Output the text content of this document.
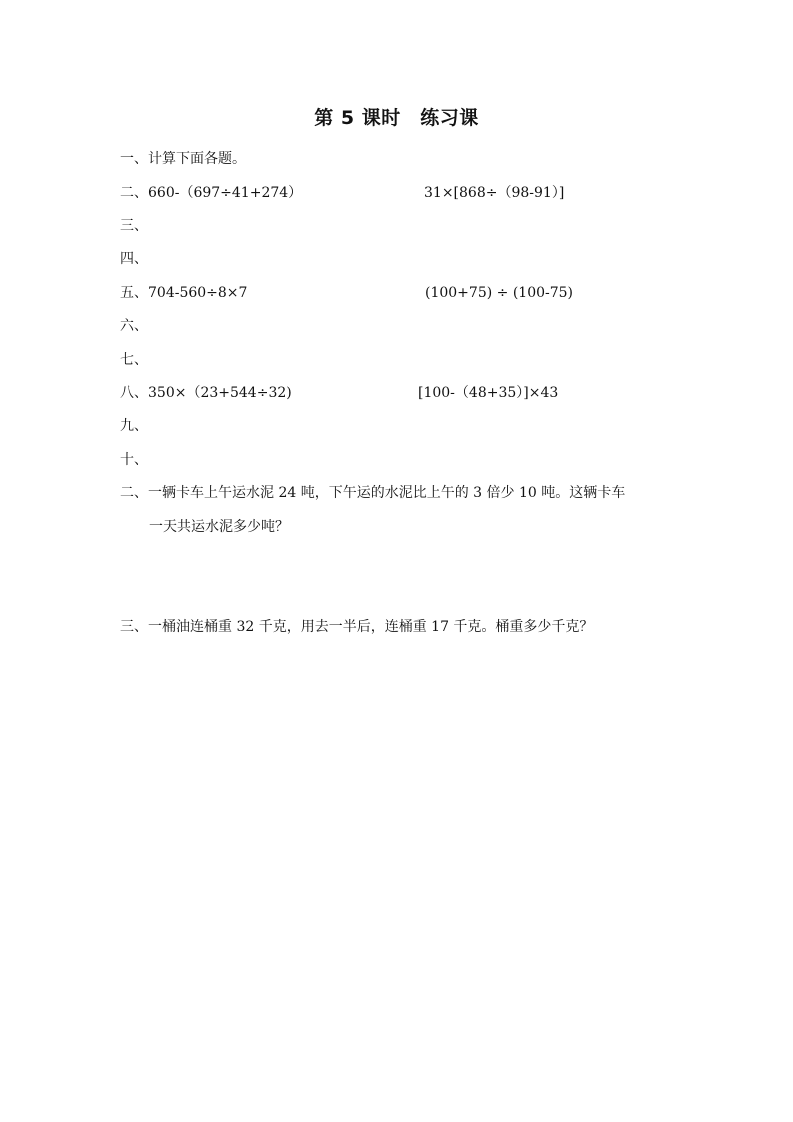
第 5 课时　练习课
一、计算下面各题。
二、660-（697÷41+274）	31×[868÷（98-91）]
三、
四、
五、704-560÷8×7	(100+75) ÷ (100-75)
六、
七、
八、350×（23+544÷32)	[100-（48+35）]×43
九、
十、
二、一辆卡车上午运水泥 24 吨，下午运的水泥比上午的 3 倍少 10 吨。这辆卡车
一天共运水泥多少吨？
三、一桶油连桶重 32 千克，用去一半后，连桶重 17 千克。桶重多少千克？
